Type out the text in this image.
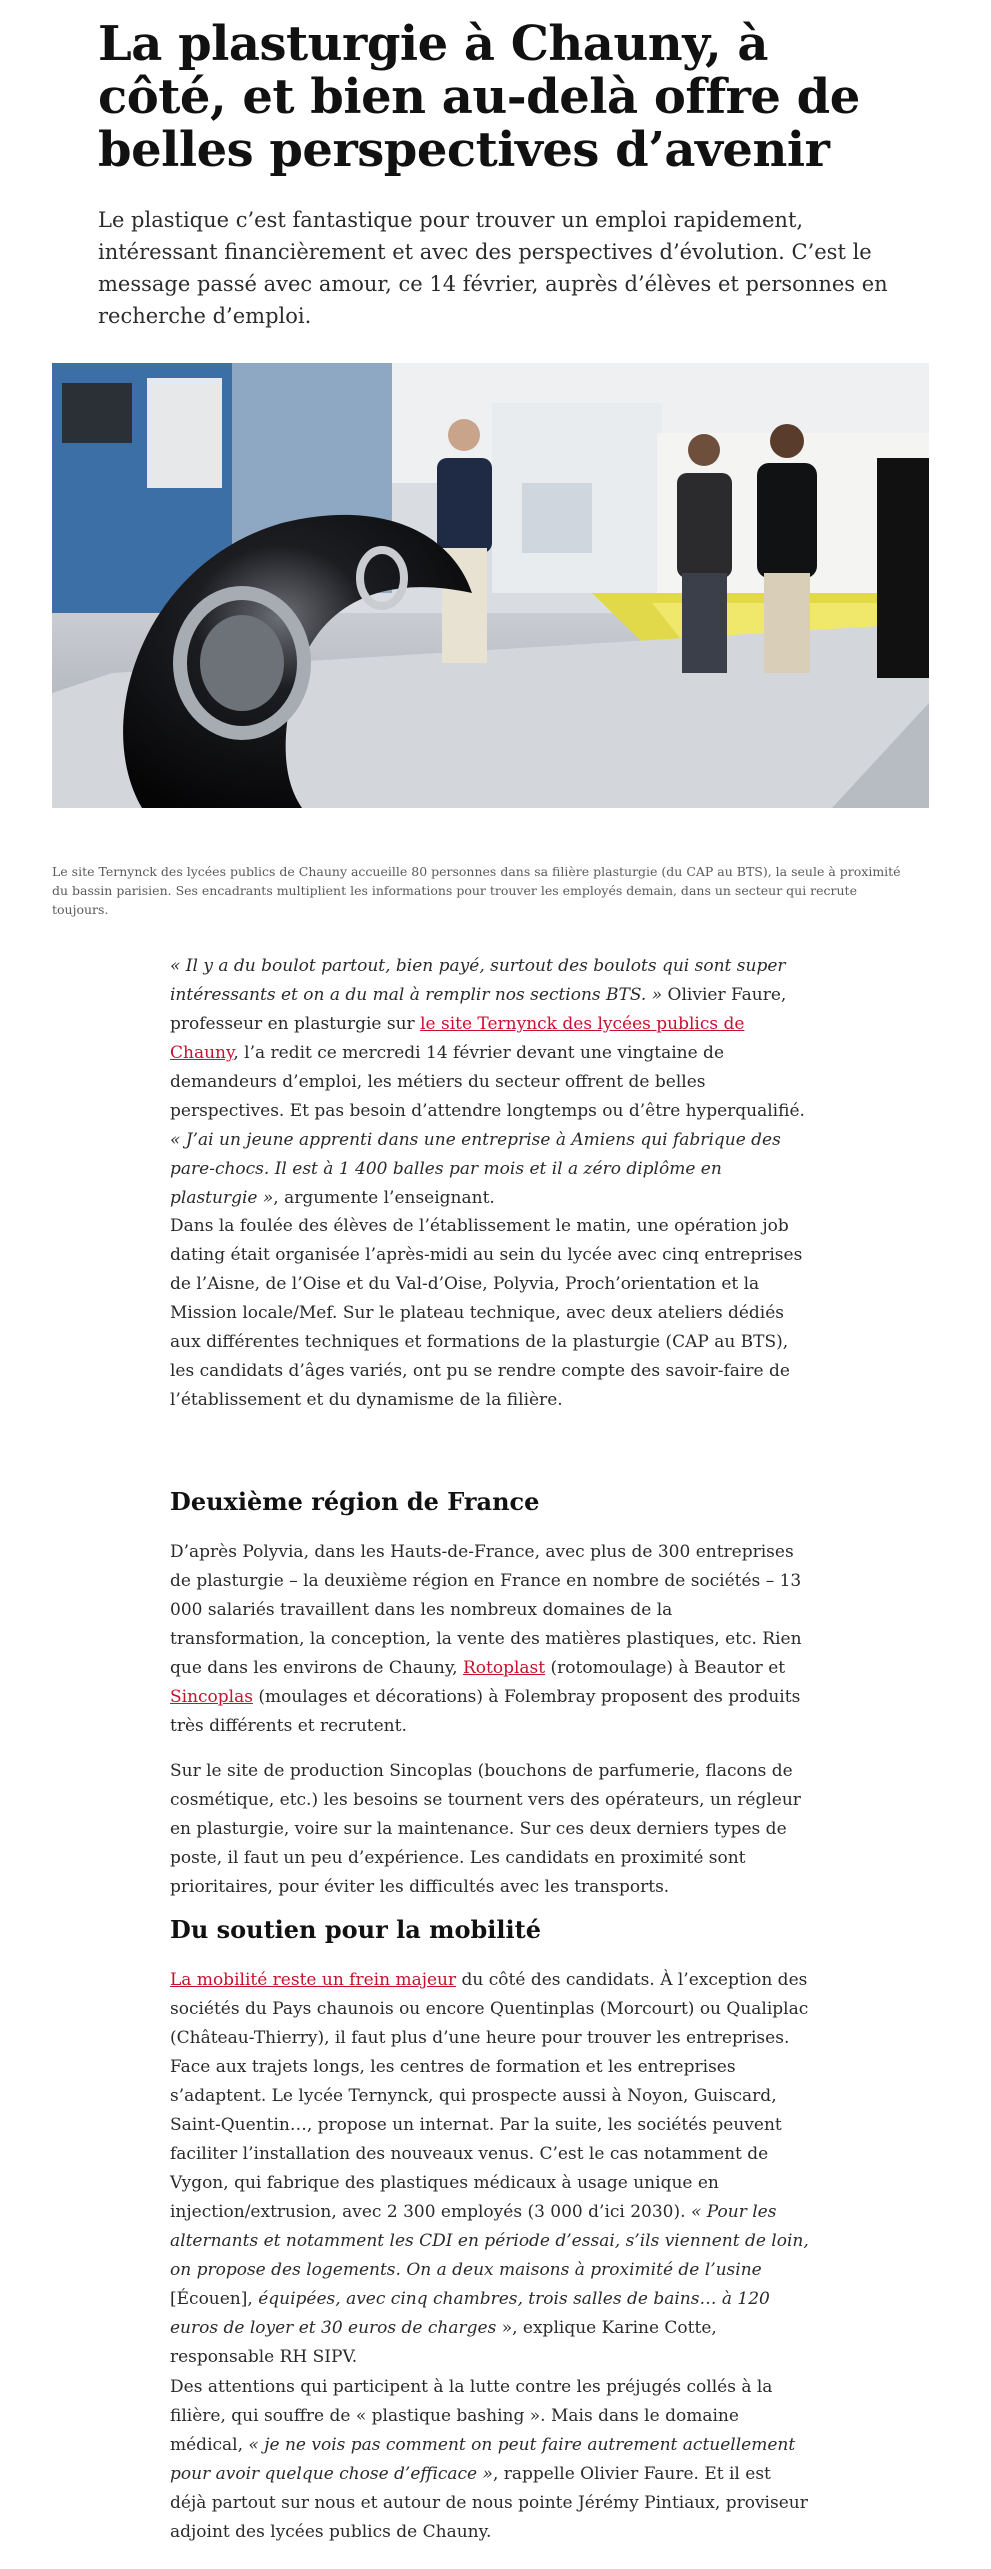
La plasturgie à Chauny, à côté, et bien au-delà offre de belles perspectives d’avenir

Le plastique c’est fantastique pour trouver un emploi rapidement, intéressant financièrement et avec des perspectives d’évolution. C’est le message passé avec amour, ce 14 février, auprès d’élèves et personnes en recherche d’emploi.

Le site Ternynck des lycées publics de Chauny accueille 80 personnes dans sa filière plasturgie (du CAP au BTS), la seule à proximité du bassin parisien. Ses encadrants multiplient les informations pour trouver les employés demain, dans un secteur qui recrute toujours.

« Il y a du boulot partout, bien payé, surtout des boulots qui sont super intéressants et on a du mal à remplir nos sections BTS. » Olivier Faure, professeur en plasturgie sur le site Ternynck des lycées publics de Chauny, l’a redit ce mercredi 14 février devant une vingtaine de demandeurs d’emploi, les métiers du secteur offrent de belles perspectives. Et pas besoin d’attendre longtemps ou d’être hyperqualifié. « J’ai un jeune apprenti dans une entreprise à Amiens qui fabrique des pare-chocs. Il est à 1 400 balles par mois et il a zéro diplôme en plasturgie », argumente l’enseignant.

Dans la foulée des élèves de l’établissement le matin, une opération job dating était organisée l’après-midi au sein du lycée avec cinq entreprises de l’Aisne, de l’Oise et du Val-d’Oise, Polyvia, Proch’orientation et la Mission locale/Mef. Sur le plateau technique, avec deux ateliers dédiés aux différentes techniques et formations de la plasturgie (CAP au BTS), les candidats d’âges variés, ont pu se rendre compte des savoir-faire de l’établissement et du dynamisme de la filière.

Deuxième région de France

D’après Polyvia, dans les Hauts-de-France, avec plus de 300 entreprises de plasturgie – la deuxième région en France en nombre de sociétés – 13 000 salariés travaillent dans les nombreux domaines de la transformation, la conception, la vente des matières plastiques, etc. Rien que dans les environs de Chauny, Rotoplast (rotomoulage) à Beautor et Sincoplas (moulages et décorations) à Folembray proposent des produits très différents et recrutent.

Sur le site de production Sincoplas (bouchons de parfumerie, flacons de cosmétique, etc.) les besoins se tournent vers des opérateurs, un régleur en plasturgie, voire sur la maintenance. Sur ces deux derniers types de poste, il faut un peu d’expérience. Les candidats en proximité sont prioritaires, pour éviter les difficultés avec les transports.

Du soutien pour la mobilité

La mobilité reste un frein majeur du côté des candidats. À l’exception des sociétés du Pays chaunois ou encore Quentinplas (Morcourt) ou Qualiplac (Château-Thierry), il faut plus d’une heure pour trouver les entreprises. Face aux trajets longs, les centres de formation et les entreprises s’adaptent. Le lycée Ternynck, qui prospecte aussi à Noyon, Guiscard, Saint-Quentin…, propose un internat. Par la suite, les sociétés peuvent faciliter l’installation des nouveaux venus. C’est le cas notamment de Vygon, qui fabrique des plastiques médicaux à usage unique en injection/extrusion, avec 2 300 employés (3 000 d’ici 2030). « Pour les alternants et notamment les CDI en période d’essai, s’ils viennent de loin, on propose des logements. On a deux maisons à proximité de l’usine [Écouen], équipées, avec cinq chambres, trois salles de bains… à 120 euros de loyer et 30 euros de charges », explique Karine Cotte, responsable RH SIPV.

Des attentions qui participent à la lutte contre les préjugés collés à la filière, qui souffre de « plastique bashing ». Mais dans le domaine médical, « je ne vois pas comment on peut faire autrement actuellement pour avoir quelque chose d’efficace », rappelle Olivier Faure. Et il est déjà partout sur nous et autour de nous pointe Jérémy Pintiaux, proviseur adjoint des lycées publics de Chauny.
